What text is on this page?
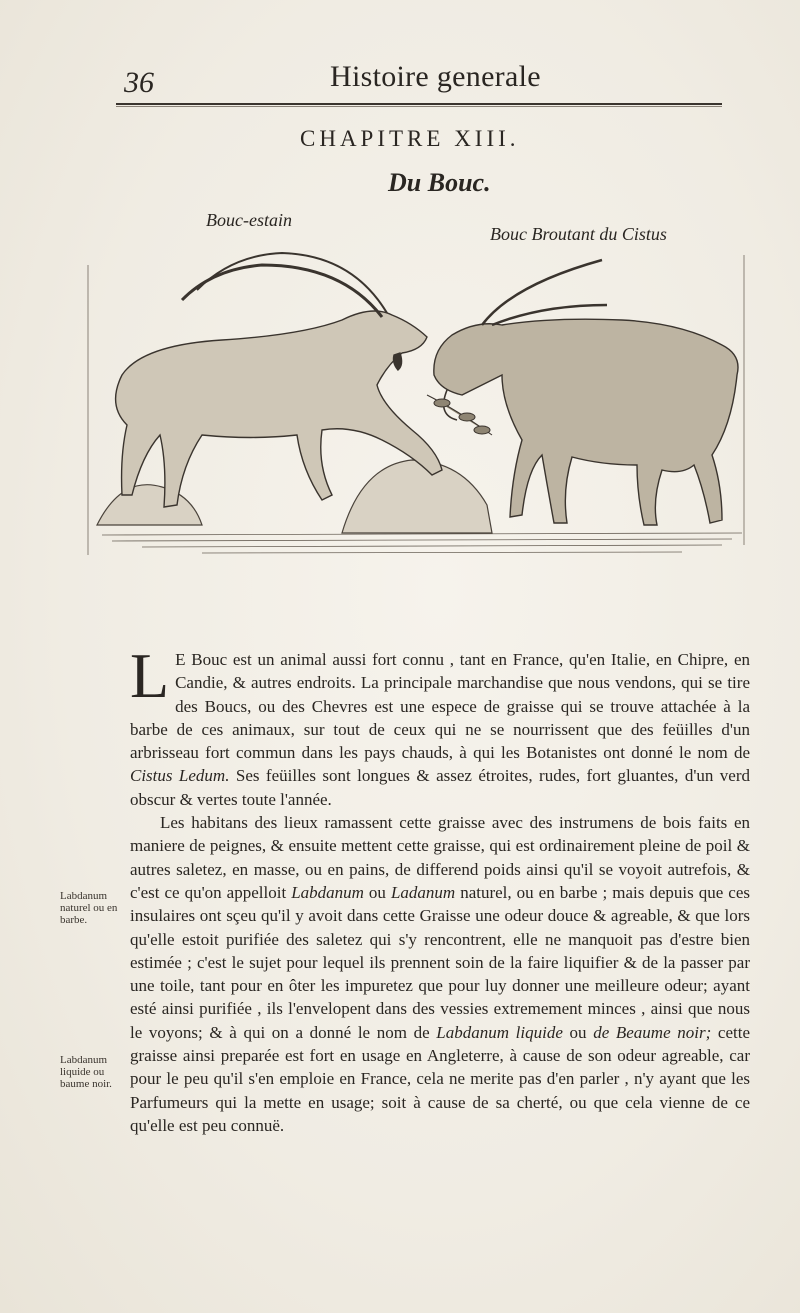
36	Histoire generale
CHAPITRE XIII.
Du Bouc.
Bouc-estain
Bouc Broutant du Cistus
Labdanum naturel ou en barbe.
Labdanum liquide ou baume noir.

L E Bouc est un animal aussi fort connu , tant en France, qu'en Italie, en Chipre, en Candie, & autres endroits. La principale marchandise que nous vendons, qui se tire des Boucs, ou des Chevres est une espece de graisse qui se trouve attachée à la barbe de ces animaux, sur tout de ceux qui ne se nourrissent que des feüilles d'un arbrisseau fort commun dans les pays chauds, à qui les Botanistes ont donné le nom de Cistus Ledum. Ses feüilles sont longues & assez étroites, rudes, fort gluantes, d'un verd obscur & vertes toute l'année.

Les habitans des lieux ramassent cette graisse avec des instrumens de bois faits en maniere de peignes, & ensuite mettent cette graisse, qui est ordinairement pleine de poil & autres saletez, en masse, ou en pains, de differend poids ainsi qu'il se voyoit autrefois, & c'est ce qu'on appelloit Labdanum ou Ladanum naturel, ou en barbe ; mais depuis que ces insulaires ont sçeu qu'il y avoit dans cette Graisse une odeur douce & agreable, & que lors qu'elle estoit purifiée des saletez qui s'y rencontrent, elle ne manquoit pas d'estre bien estimée ; c'est le sujet pour lequel ils prennent soin de la faire liquifier & de la passer par une toile, tant pour en ôter les impuretez que pour luy donner une meilleure odeur; ayant esté ainsi purifiée , ils l'envelopent dans des vessies extremement minces , ainsi que nous le voyons; & à qui on a donné le nom de Labdanum liquide ou de Beaume noir; cette graisse ainsi preparée est fort en usage en Angleterre, à cause de son odeur agreable, car pour le peu qu'il s'en emploie en France, cela ne merite pas d'en parler , n'y ayant que les Parfumeurs qui la mette en usage; soit à cause de sa cherté, ou que cela vienne de ce qu'elle est peu connuë.
